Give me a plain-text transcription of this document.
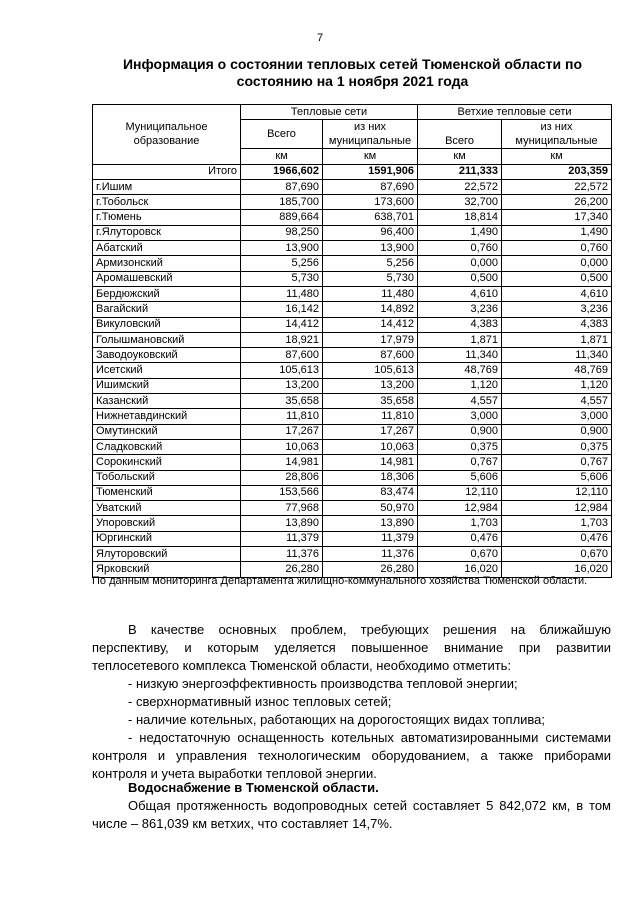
7
Информация о состоянии тепловых сетей Тюменской области по состоянию на 1 ноября 2021 года
Муниципальное образование	Тепловые сети		Ветхие тепловые сети	
	Всего	из них муниципальные	Всего	из них муниципальные
	км	км	км	км
Итого	1966,602	1591,906	211,333	203,359
г.Ишим	87,690	87,690	22,572	22,572
г.Тобольск	185,700	173,600	32,700	26,200
г.Тюмень	889,664	638,701	18,814	17,340
г.Ялуторовск	98,250	96,400	1,490	1,490
Абатский	13,900	13,900	0,760	0,760
Армизонский	5,256	5,256	0,000	0,000
Аромашевский	5,730	5,730	0,500	0,500
Бердюжский	11,480	11,480	4,610	4,610
Вагайский	16,142	14,892	3,236	3,236
Викуловский	14,412	14,412	4,383	4,383
Голышмановский	18,921	17,979	1,871	1,871
Заводоуковский	87,600	87,600	11,340	11,340
Исетский	105,613	105,613	48,769	48,769
Ишимский	13,200	13,200	1,120	1,120
Казанский	35,658	35,658	4,557	4,557
Нижнетавдинский	11,810	11,810	3,000	3,000
Омутинский	17,267	17,267	0,900	0,900
Сладковский	10,063	10,063	0,375	0,375
Сорокинский	14,981	14,981	0,767	0,767
Тобольский	28,806	18,306	5,606	5,606
Тюменский	153,566	83,474	12,110	12,110
Уватский	77,968	50,970	12,984	12,984
Упоровский	13,890	13,890	1,703	1,703
Юргинский	11,379	11,379	0,476	0,476
Ялуторовский	11,376	11,376	0,670	0,670
Ярковский	26,280	26,280	16,020	16,020
По данным мониторинга Департамента жилищно-коммунального хозяйства Тюменской области.
В качестве основных проблем, требующих решения на ближайшую перспективу, и которым уделяется повышенное внимание при развитии теплосетевого комплекса Тюменской области, необходимо отметить:
- низкую энергоэффективность производства тепловой энергии;
- сверхнормативный износ тепловых сетей;
- наличие котельных, работающих на дорогостоящих видах топлива;
- недостаточную оснащенность котельных автоматизированными системами контроля и управления технологическим оборудованием, а также приборами контроля и учета выработки тепловой энергии.
Водоснабжение в Тюменской области.
Общая протяженность водопроводных сетей составляет 5 842,072 км, в том числе – 861,039 км ветхих, что составляет 14,7%.
